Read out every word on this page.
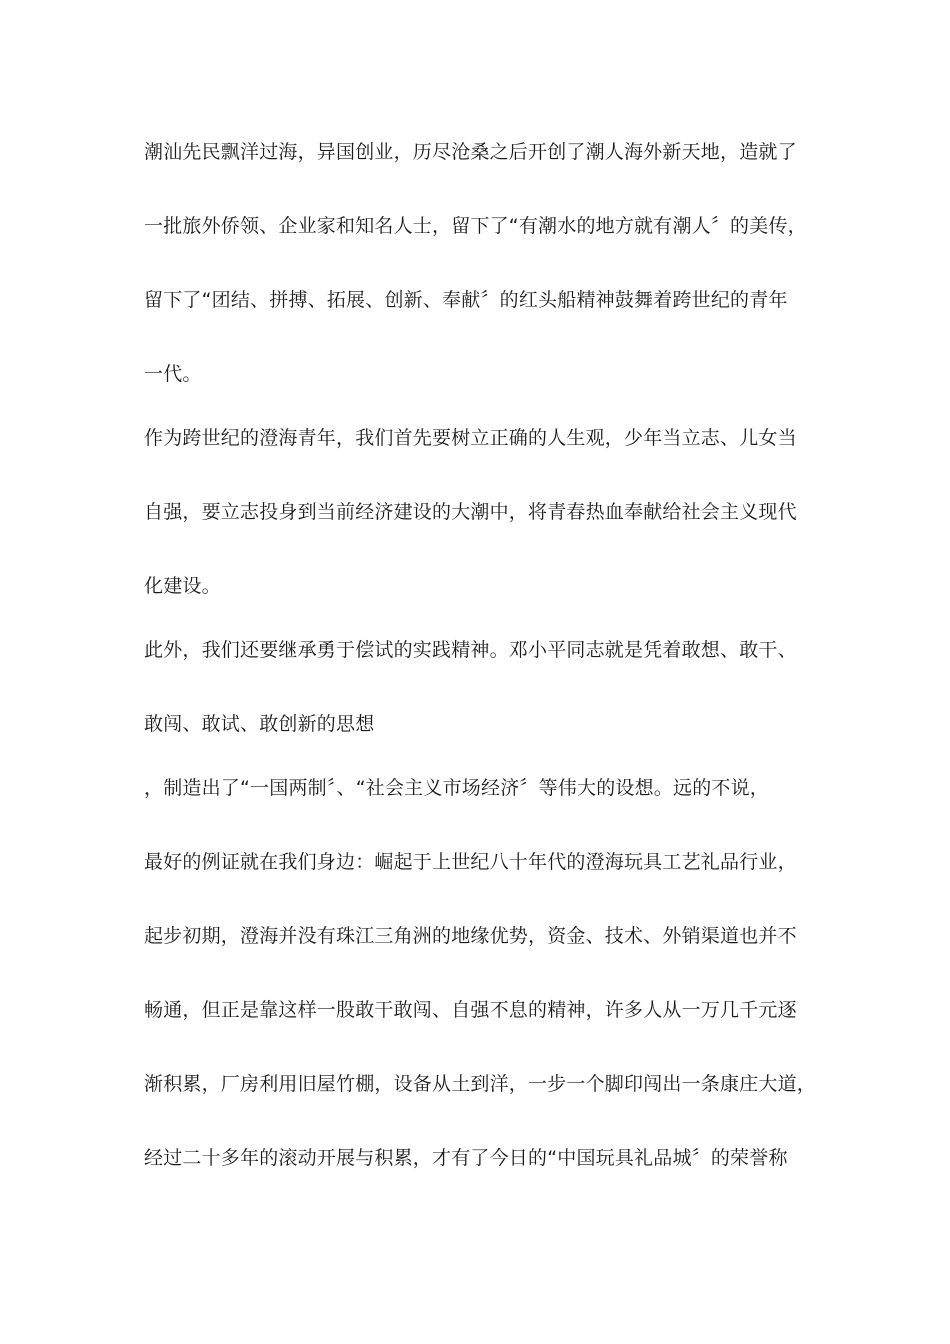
潮汕先民飘洋过海，异国创业，历尽沧桑之后开创了潮人海外新天地，造就了
一批旅外侨领、企业家和知名人士，留下了“有潮水的地方就有潮人〞的美传，
留下了“团结、拼搏、拓展、创新、奉献〞的红头船精神鼓舞着跨世纪的青年
一代。
作为跨世纪的澄海青年，我们首先要树立正确的人生观，少年当立志、儿女当
自强，要立志投身到当前经济建设的大潮中，将青春热血奉献给社会主义现代
化建设。
此外，我们还要继承勇于偿试的实践精神。邓小平同志就是凭着敢想、敢干、
敢闯、敢试、敢创新的思想
，制造出了“一国两制〞、“社会主义市场经济〞等伟大的设想。远的不说，
最好的例证就在我们身边：崛起于上世纪八十年代的澄海玩具工艺礼品行业，
起步初期，澄海并没有珠江三角洲的地缘优势，资金、技术、外销渠道也并不
畅通，但正是靠这样一股敢干敢闯、自强不息的精神，许多人从一万几千元逐
渐积累，厂房利用旧屋竹棚，设备从土到洋，一步一个脚印闯出一条康庄大道，
经过二十多年的滚动开展与积累，才有了今日的“中国玩具礼品城〞的荣誉称
